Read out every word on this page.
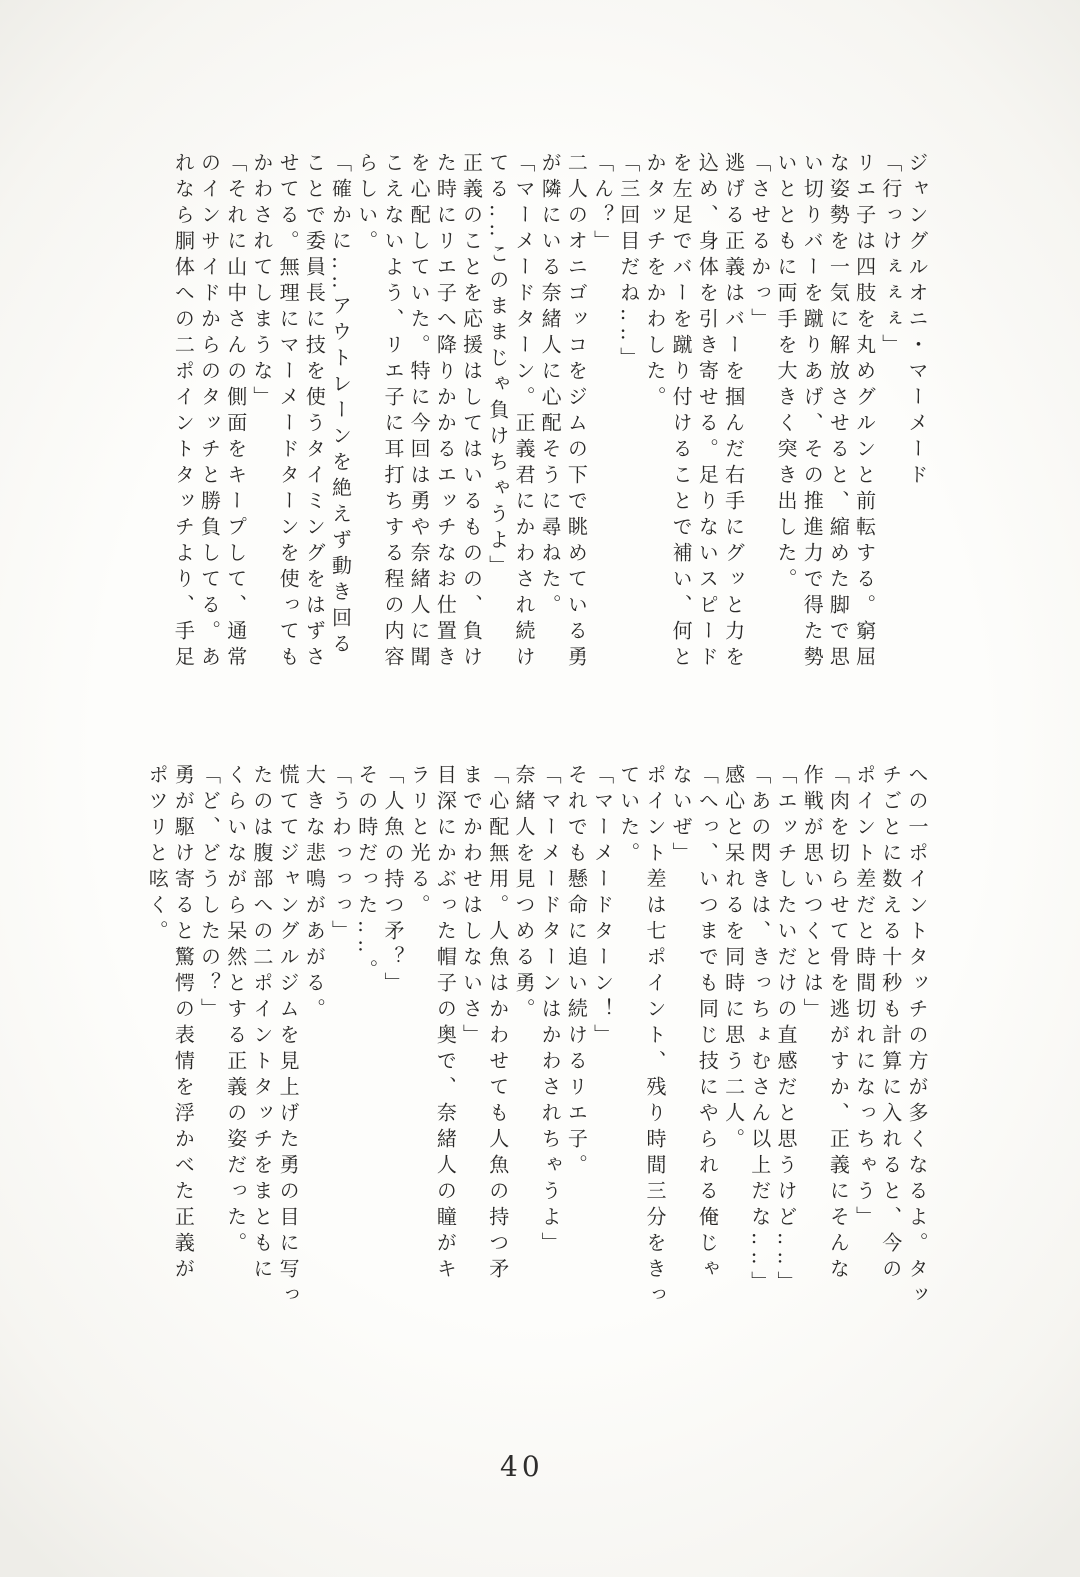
ジャングルオニ・マーメード
「行っけぇぇぇ」
リエ子は四肢を丸めグルンと前転する。窮屈
な姿勢を一気に解放させると、縮めた脚で思
い切りバーを蹴りあげ、その推進力で得た勢
いとともに両手を大きく突き出した。
「させるかっ」
逃げる正義はバーを掴んだ右手にグッと力を
込め、身体を引き寄せる。足りないスピード
を左足でバーを蹴り付けることで補い、何と
かタッチをかわした。
「三回目だね‥‥」
「ん？」
二人のオニゴッコをジムの下で眺めている勇
が隣にいる奈緒人に心配そうに尋ねた。
「マーメードターン。正義君にかわされ続け
てる‥‥このままじゃ負けちゃうよ」
正義のことを応援はしてはいるものの、負け
た時にリエ子へ降りかかるエッチなお仕置き
を心配していた。特に今回は勇や奈緒人に聞
こえないよう、リエ子に耳打ちする程の内容
らしい。
「確かに‥‥アウトレーンを絶えず動き回る
ことで委員長に技を使うタイミングをはずさ
せてる。無理にマーメードターンを使っても
かわされてしまうな」
「それに山中さんの側面をキープして、通常
のインサイドからのタッチと勝負してる。あ
れなら胴体への二ポイントタッチより、手足
への一ポイントタッチの方が多くなるよ。タッ
チごとに数える十秒も計算に入れると、今の
ポイント差だと時間切れになっちゃう」
「肉を切らせて骨を逃がすか、正義にそんな
作戦が思いつくとは」
「エッチしたいだけの直感だと思うけど‥‥」
「あの閃きは、きっちょむさん以上だな‥‥」
感心と呆れるを同時に思う二人。
「へっ、いつまでも同じ技にやられる俺じゃ
ないぜ」
ポイント差は七ポイント、残り時間三分をきっ
ていた。
「マーメードターン！」
それでも懸命に追い続けるリエ子。
「マーメードターンはかわされちゃうよ」
奈緒人を見つめる勇。
「心配無用。人魚はかわせても人魚の持つ矛
までかわせはしないさ」
目深にかぶった帽子の奥で、奈緒人の瞳がキ
ラリと光る。
「人魚の持つ矛？」
その時だった‥‥。
「うわっっっ」
大きな悲鳴があがる。
慌ててジャングルジムを見上げた勇の目に写っ
たのは腹部への二ポイントタッチをまともに
くらいながら呆然とする正義の姿だった。
「ど、どうしたの？」
勇が駆け寄ると驚愕の表情を浮かべた正義が
ポツリと呟く。
40
